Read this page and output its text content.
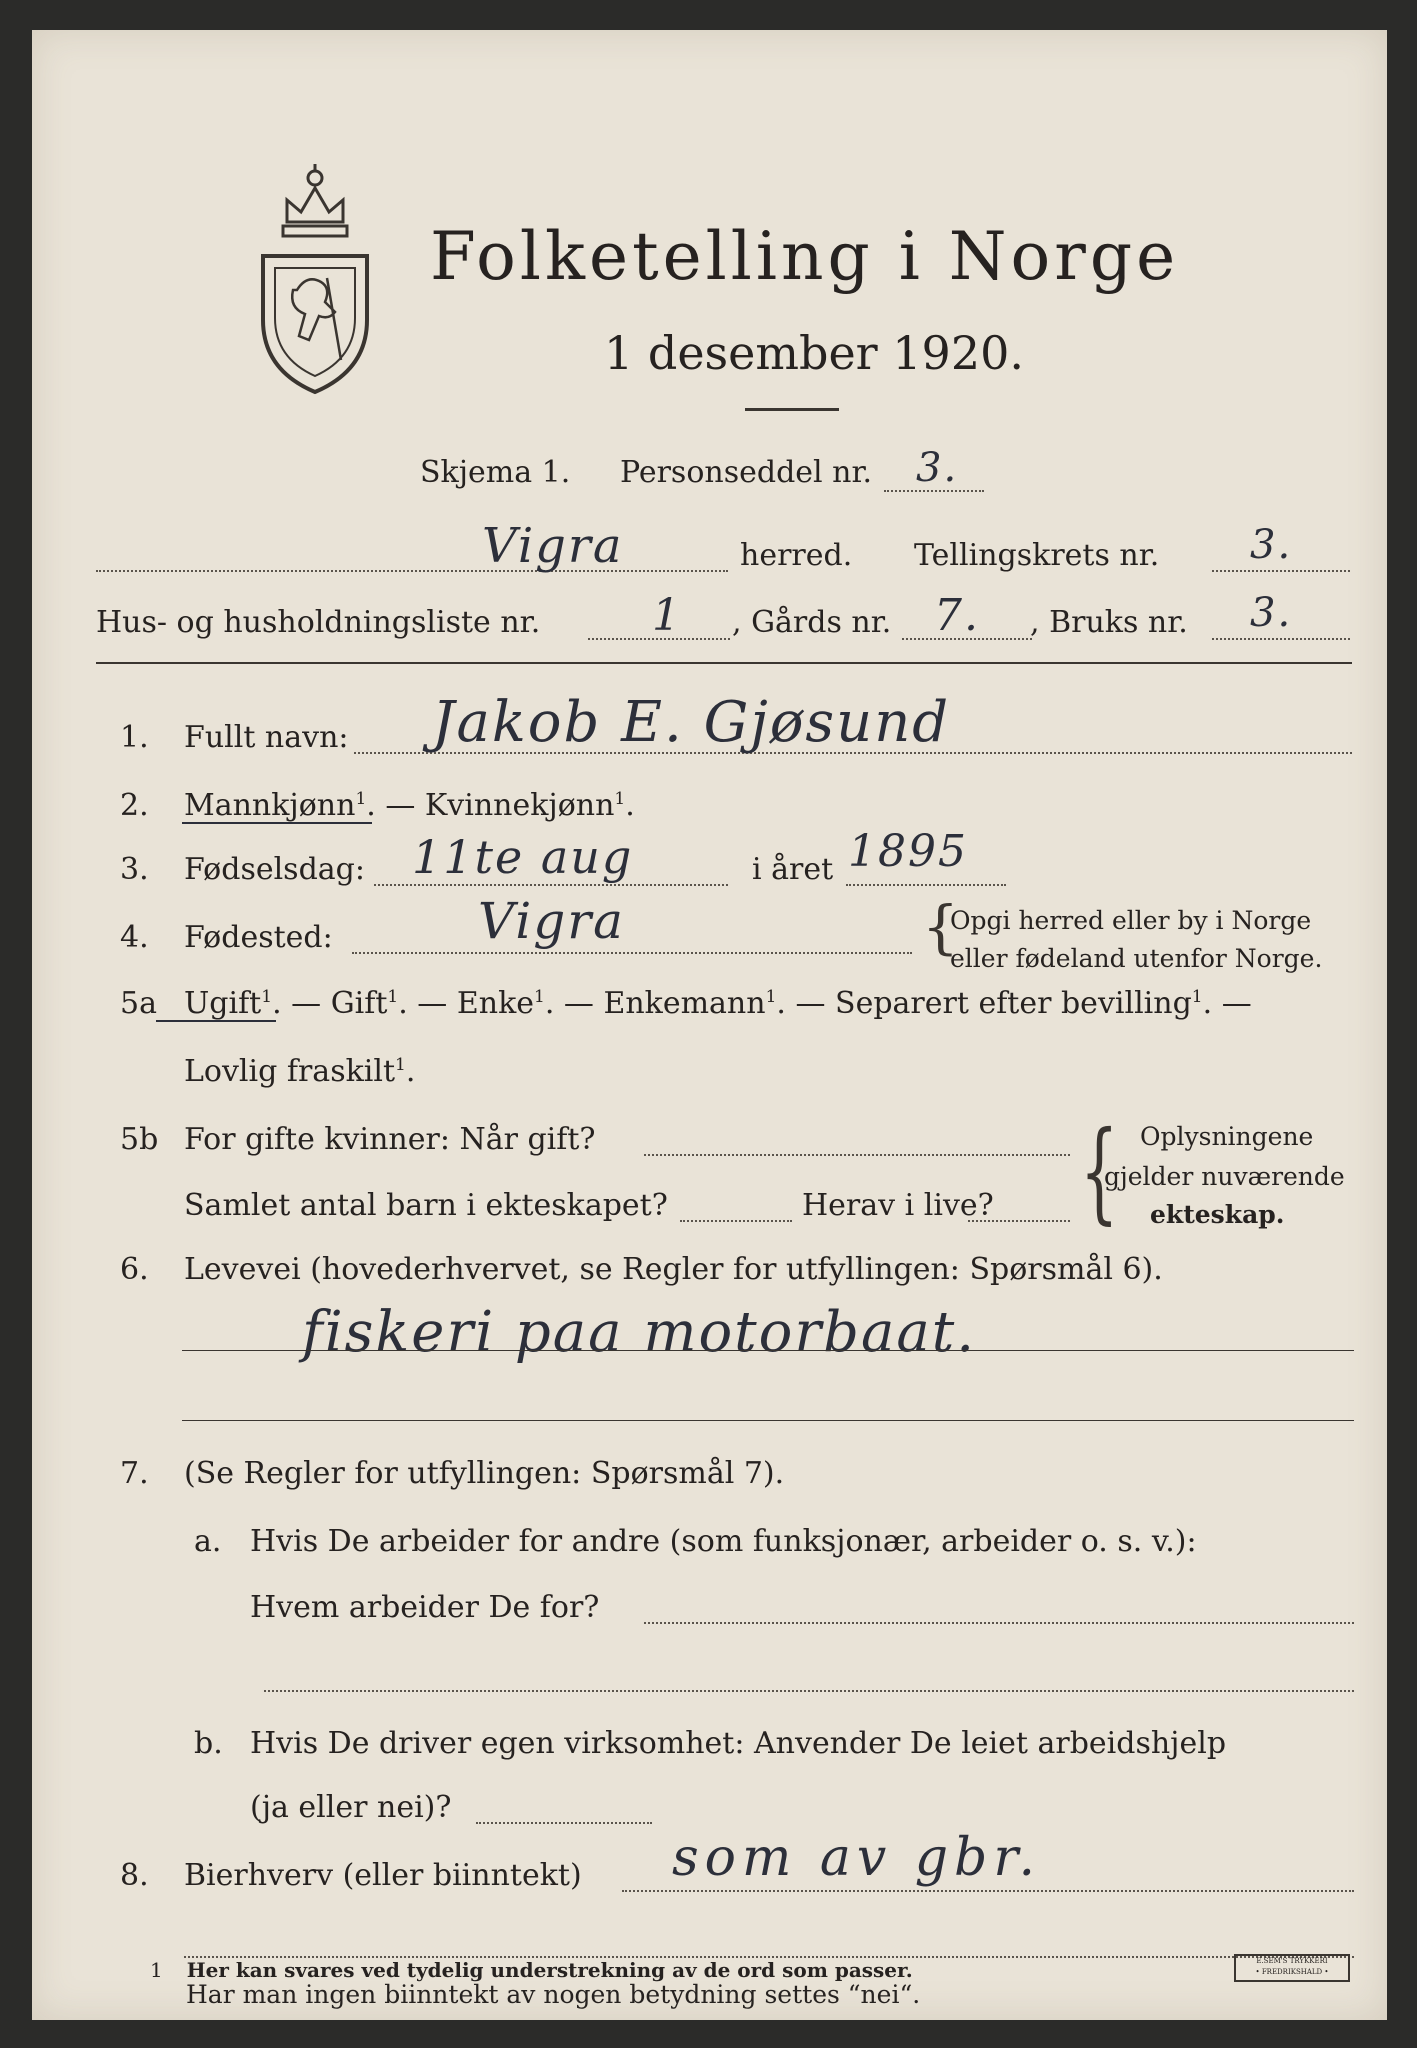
Folketelling i Norge
1 desember 1920.
Skjema 1. Personseddel nr. 3.
Vigra	herred. Tellingskrets nr. 3.
Hus- og husholdningsliste nr.	1 , Gårds nr. 7. , Bruks nr. 3.
1. Fullt navn: Jakob E. Gjøsund
2. Mannkjønn$^1$. — Kvinnekjønn$^1$.
3. Fødselsdag: 11te aug	i året 1895
4. Fødested:	Vigra	{
Opgi herred eller by i Norge
eller fødeland utenfor Norge.
5a Ugift$^1$. — Gift$^1$. — Enke$^1$. — Enkemann$^1$. — Separert efter bevilling$^1$. —
Lovlig fraskilt$^1$.
5b For gifte kvinner: Når gift?
Samlet antal barn i ekteskapet?	Herav i live? { Oplysningene
gjelder nuværende
ekteskap.
6. Levevei (hovederhvervet, se Regler for utfyllingen: Spørsmål 6).
fiskeri paa motorbaat.
7. (Se Regler for utfyllingen: Spørsmål 7).
a. Hvis De arbeider for andre (som funksjonær, arbeider o. s. v.):
Hvem arbeider De for?
b. Hvis De driver egen virksomhet: Anvender De leiet arbeidshjelp
(ja eller nei)?
8. Bierhverv (eller biinntekt) som av gbr.
Har man ingen biinntekt av nogen betydning settes “nei“.
1 Her kan svares ved tydelig understrekning av de ord som passer.	E.SEM'S TRYKKERI
• FREDRIKSHALD •
